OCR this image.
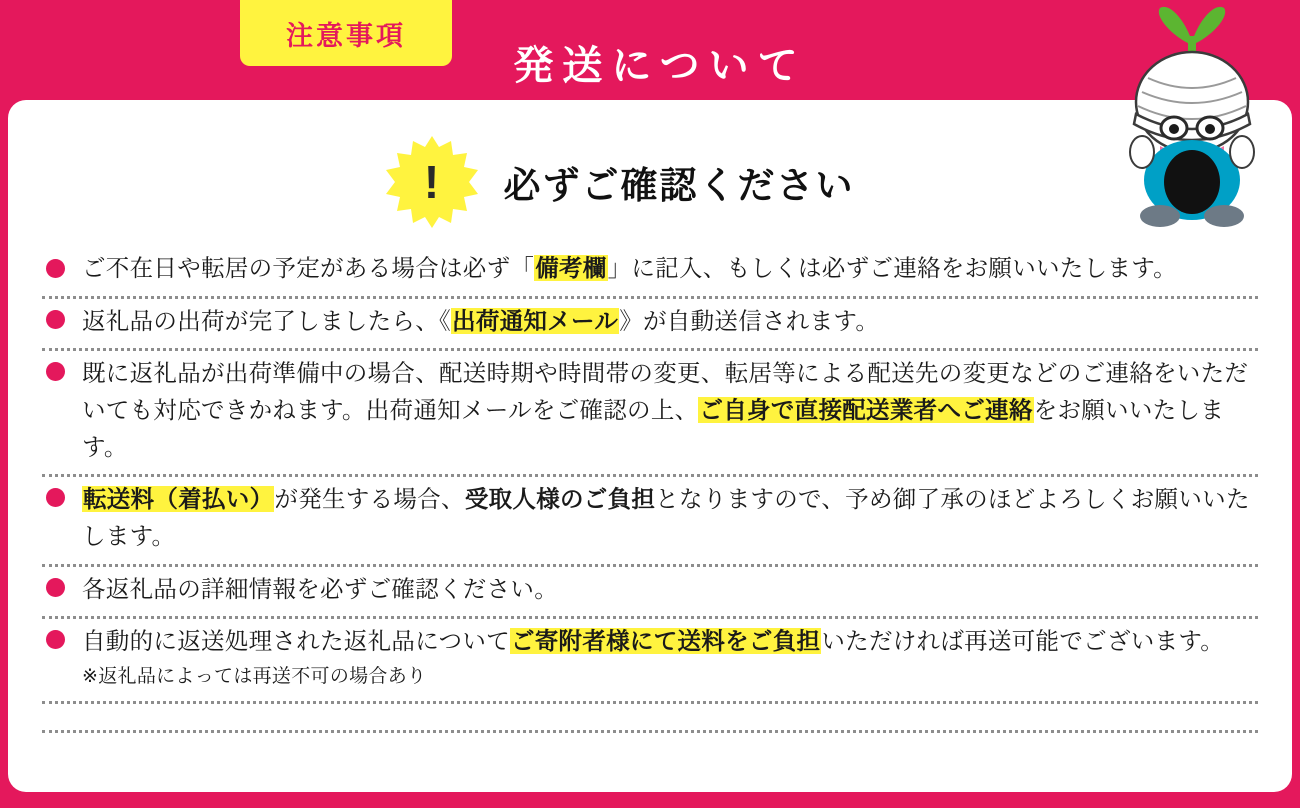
注意事項
発送について
!	必ずご確認ください
ご不在日や転居の予定がある場合は必ず「備考欄」に記入、もしくは必ずご連絡をお願いいたします。
返礼品の出荷が完了しましたら、《出荷通知メール》が自動送信されます。
既に返礼品が出荷準備中の場合、配送時期や時間帯の変更、転居等による配送先の変更などのご連絡をいただいても対応できかねます。出荷通知メールをご確認の上、ご自身で直接配送業者へご連絡をお願いいたします。
転送料（着払い）が発生する場合、受取人様のご負担となりますので、予め御了承のほどよろしくお願いいたします。
各返礼品の詳細情報を必ずご確認ください。
自動的に返送処理された返礼品についてご寄附者様にて送料をご負担いただければ再送可能でございます。
※返礼品によっては再送不可の場合あり
